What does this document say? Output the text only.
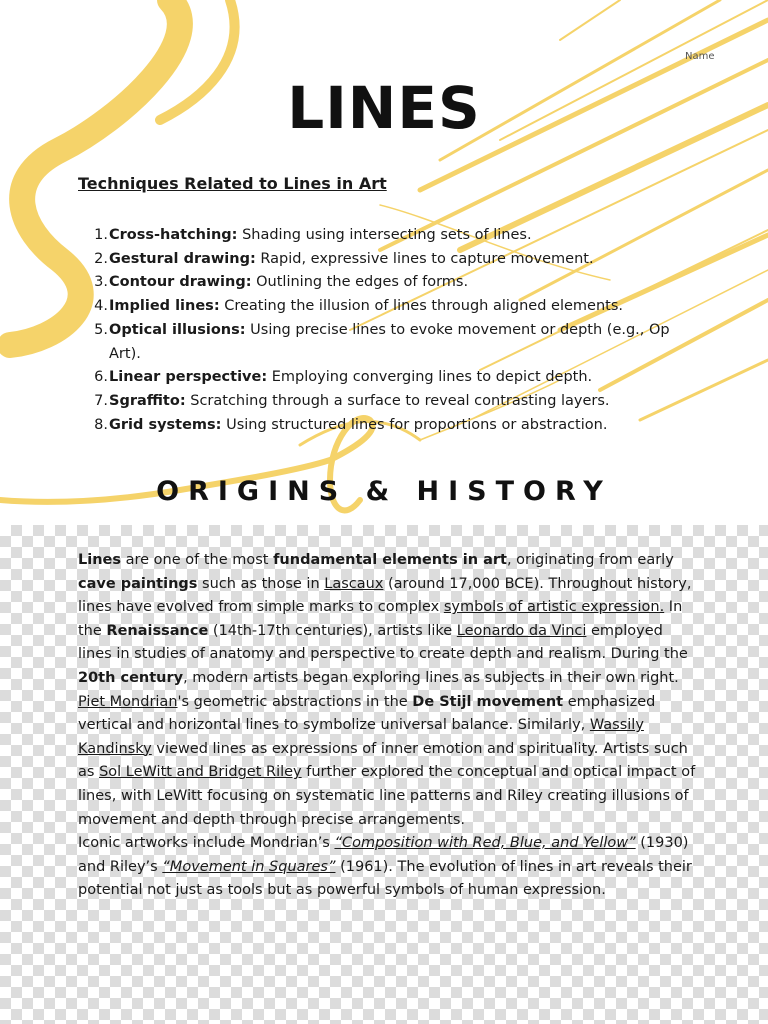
Name
LINES
Techniques Related to Lines in Art
1. Cross-hatching: Shading using intersecting sets of lines.
2. Gestural drawing: Rapid, expressive lines to capture movement.
3. Contour drawing: Outlining the edges of forms.
4. Implied lines: Creating the illusion of lines through aligned elements.
5. Optical illusions: Using precise lines to evoke movement or depth (e.g., Op Art).
6. Linear perspective: Employing converging lines to depict depth.
7. Sgraffito: Scratching through a surface to reveal contrasting layers.
8. Grid systems: Using structured lines for proportions or abstraction.
ORIGINS & HISTORY
Lines are one of the most fundamental elements in art, originating from early cave paintings such as those in Lascaux (around 17,000 BCE). Throughout history, lines have evolved from simple marks to complex symbols of artistic expression. In the Renaissance (14th-17th centuries), artists like Leonardo da Vinci employed lines in studies of anatomy and perspective to create depth and realism. During the 20th century, modern artists began exploring lines as subjects in their own right. Piet Mondrian's geometric abstractions in the De Stijl movement emphasized vertical and horizontal lines to symbolize universal balance. Similarly, Wassily Kandinsky viewed lines as expressions of inner emotion and spirituality. Artists such as Sol LeWitt and Bridget Riley further explored the conceptual and optical impact of lines, with LeWitt focusing on systematic line patterns and Riley creating illusions of movement and depth through precise arrangements.
Iconic artworks include Mondrian’s “Composition with Red, Blue, and Yellow” (1930) and Riley’s “Movement in Squares” (1961). The evolution of lines in art reveals their potential not just as tools but as powerful symbols of human expression.
